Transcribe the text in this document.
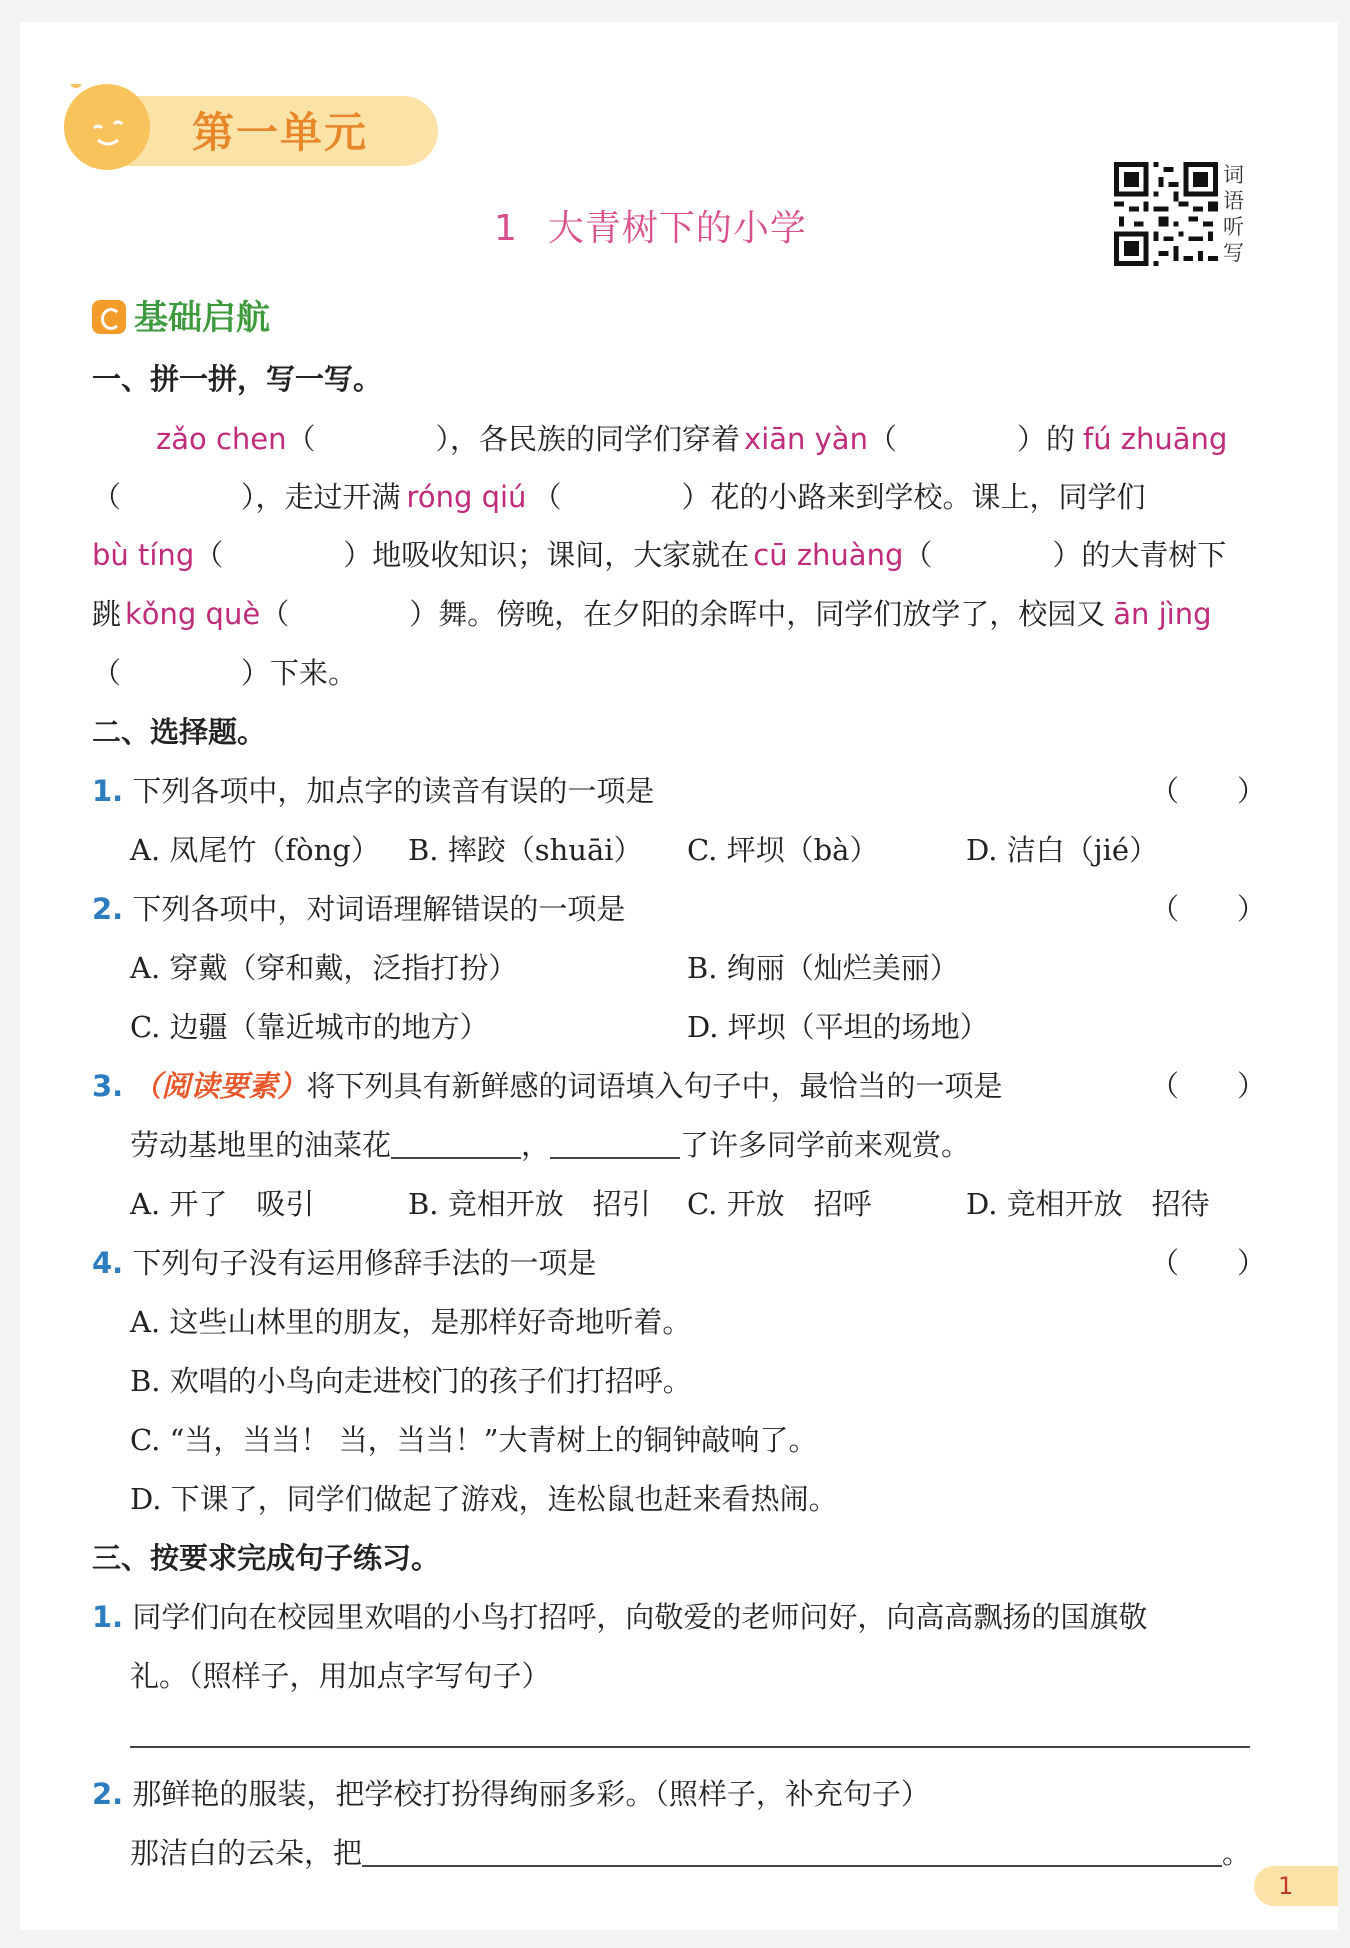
第一单元
1 大青树下的小学
词语听写
基础启航
一、拼一拼，写一写。
zǎo chen（	），各民族的同学们穿着 xiān yàn（	）的 fú zhuāng
（	），走过开满 róng qiú （	）花的小路来到学校。课上，同学们
bù tíng（	）地吸收知识；课间，大家就在 cū zhuàng（	）的大青树下
跳 kǒng què（	）舞。傍晚，在夕阳的余晖中，同学们放学了，校园又 ān jìng
（	）下来。
二、选择题。
1. 下列各项中，加点字的读音有误的一项是	（　　）
A. 凤尾竹（fòng） B. 摔跤（shuāi） C. 坪坝（bà）	D. 洁白（jié）
2. 下列各项中，对词语理解错误的一项是	（　　）
A. 穿戴（穿和戴，泛指打扮）	B. 绚丽（灿烂美丽）
C. 边疆（靠近城市的地方）	D. 坪坝（平坦的场地）
3. （阅读要素）将下列具有新鲜感的词语填入句子中，最恰当的一项是	（　　）
劳动基地里的油菜花	，	了许多同学前来观赏。
A. 开了　吸引	B. 竞相开放　招引 C. 开放　招呼	D. 竞相开放　招待
4. 下列句子没有运用修辞手法的一项是	（　　）
A. 这些山林里的朋友，是那样好奇地听着。
B. 欢唱的小鸟向走进校门的孩子们打招呼。
C. “当，当当！ 当，当当！”大青树上的铜钟敲响了。
D. 下课了，同学们做起了游戏，连松鼠也赶来看热闹。
三、按要求完成句子练习。
1. 同学们向在校园里欢唱的小鸟打招呼，向敬爱的老师问好，向高高飘扬的国旗敬
礼。（照样子，用加点字写句子）
2. 那鲜艳的服装，把学校打扮得绚丽多彩。（照样子，补充句子）
那洁白的云朵，把	。
1
